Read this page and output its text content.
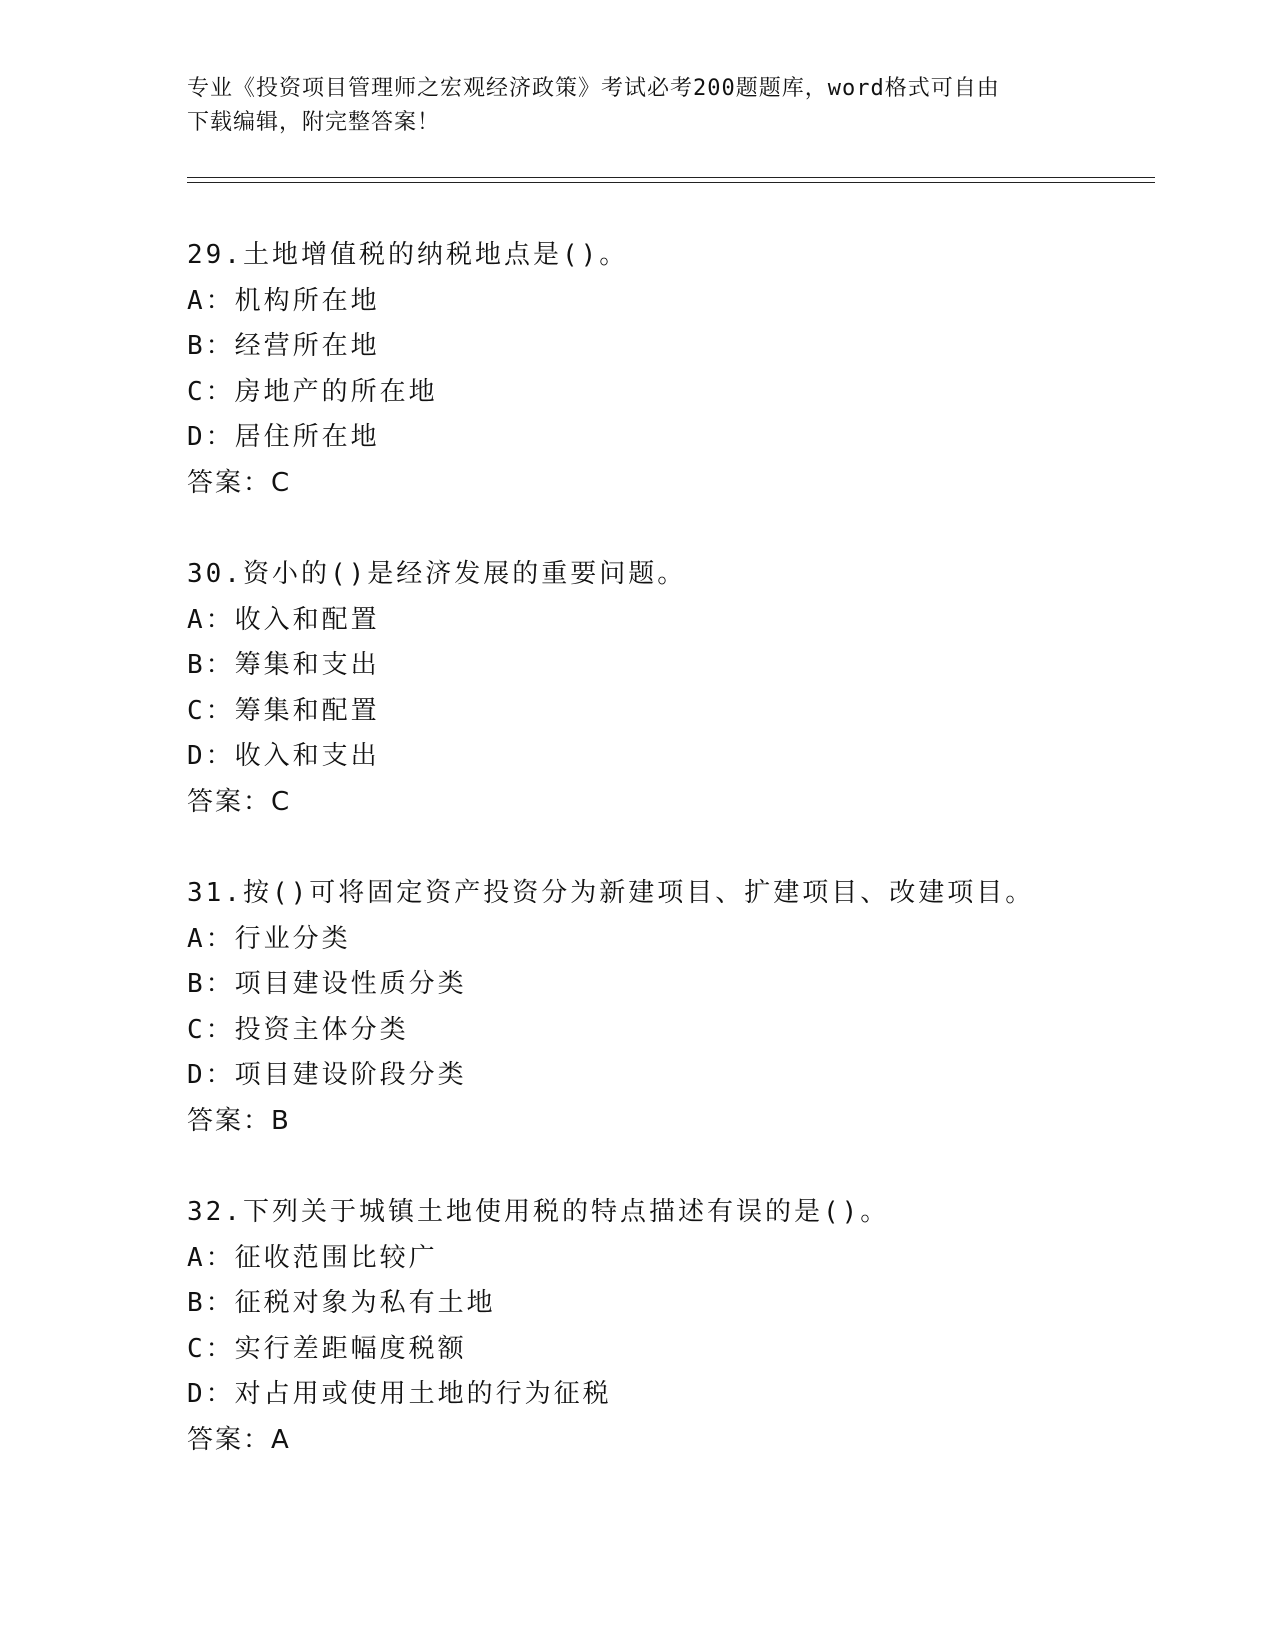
专业《投资项目管理师之宏观经济政策》考试必考200题题库，word格式可自由
下载编辑，附完整答案！
29.土地增值税的纳税地点是()。
A：机构所在地
B：经营所在地
C：房地产的所在地
D：居住所在地
答案：C
30.资小的()是经济发展的重要问题。
A：收入和配置
B：筹集和支出
C：筹集和配置
D：收入和支出
答案：C
31.按()可将固定资产投资分为新建项目、扩建项目、改建项目。
A：行业分类
B：项目建设性质分类
C：投资主体分类
D：项目建设阶段分类
答案：B
32.下列关于城镇土地使用税的特点描述有误的是()。
A：征收范围比较广
B：征税对象为私有土地
C：实行差距幅度税额
D：对占用或使用土地的行为征税
答案：A
